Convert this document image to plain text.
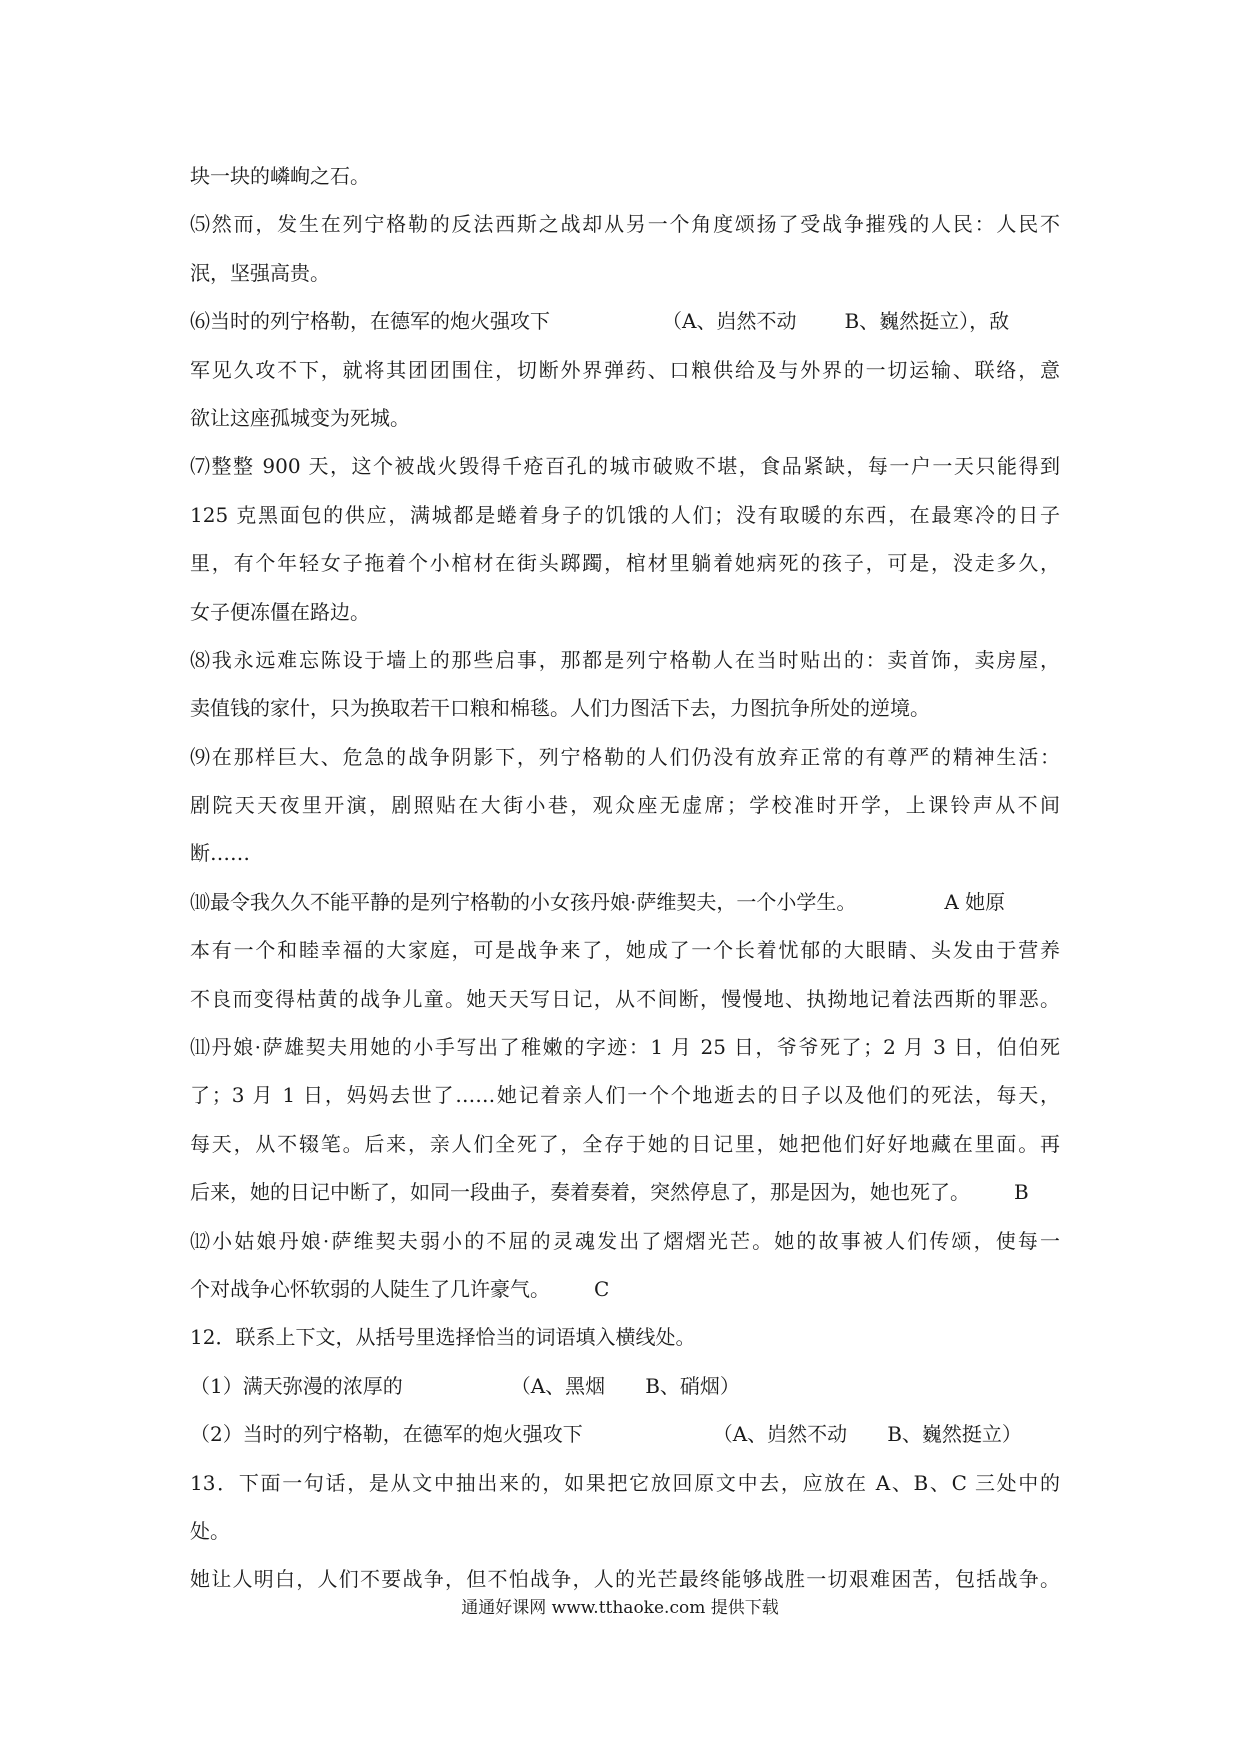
块一块的嶙峋之石。
⑸然而，发生在列宁格勒的反法西斯之战却从另一个角度颂扬了受战争摧残的人民：人民不
泯，坚强高贵。
⑹当时的列宁格勒，在德军的炮火强攻下	（A、岿然不动 B、巍然挺立），敌
军见久攻不下，就将其团团围住，切断外界弹药、口粮供给及与外界的一切运输、联络，意
欲让这座孤城变为死城。
⑺整整 900 天，这个被战火毁得千疮百孔的城市破败不堪，食品紧缺，每一户一天只能得到
125 克黑面包的供应，满城都是蜷着身子的饥饿的人们；没有取暖的东西，在最寒冷的日子
里，有个年轻女子拖着个小棺材在街头踯躅，棺材里躺着她病死的孩子，可是，没走多久，
女子便冻僵在路边。
⑻我永远难忘陈设于墙上的那些启事，那都是列宁格勒人在当时贴出的：卖首饰，卖房屋，
卖值钱的家什，只为换取若干口粮和棉毯。人们力图活下去，力图抗争所处的逆境。
⑼在那样巨大、危急的战争阴影下，列宁格勒的人们仍没有放弃正常的有尊严的精神生活：
剧院天天夜里开演，剧照贴在大街小巷，观众座无虚席；学校准时开学，上课铃声从不间
断……
⑽最令我久久不能平静的是列宁格勒的小女孩丹娘·萨维契夫，一个小学生。	A 她原
本有一个和睦幸福的大家庭，可是战争来了，她成了一个长着忧郁的大眼睛、头发由于营养
不良而变得枯黄的战争儿童。她天天写日记，从不间断，慢慢地、执拗地记着法西斯的罪恶。
⑾丹娘·萨雄契夫用她的小手写出了稚嫩的字迹：1 月 25 日，爷爷死了；2 月 3 日，伯伯死
了；3 月 1 日，妈妈去世了……她记着亲人们一个个地逝去的日子以及他们的死法，每天，
每天，从不辍笔。后来，亲人们全死了，全存于她的日记里，她把他们好好地藏在里面。再
后来，她的日记中断了，如同一段曲子，奏着奏着，突然停息了，那是因为，她也死了。 B
⑿小姑娘丹娘·萨维契夫弱小的不屈的灵魂发出了熠熠光芒。她的故事被人们传颂，使每一
个对战争心怀软弱的人陡生了几许豪气。 C
12．联系上下文，从括号里选择恰当的词语填入横线处。
（1）满天弥漫的浓厚的	（A、黑烟 B、硝烟）
（2）当时的列宁格勒，在德军的炮火强攻下	（A、岿然不动 B、巍然挺立）
13．下面一句话，是从文中抽出来的，如果把它放回原文中去，应放在 A、B、C 三处中的
处。
她让人明白，人们不要战争，但不怕战争，人的光芒最终能够战胜一切艰难困苦，包括战争。
通通好课网 www.tthaoke.com 提供下载
